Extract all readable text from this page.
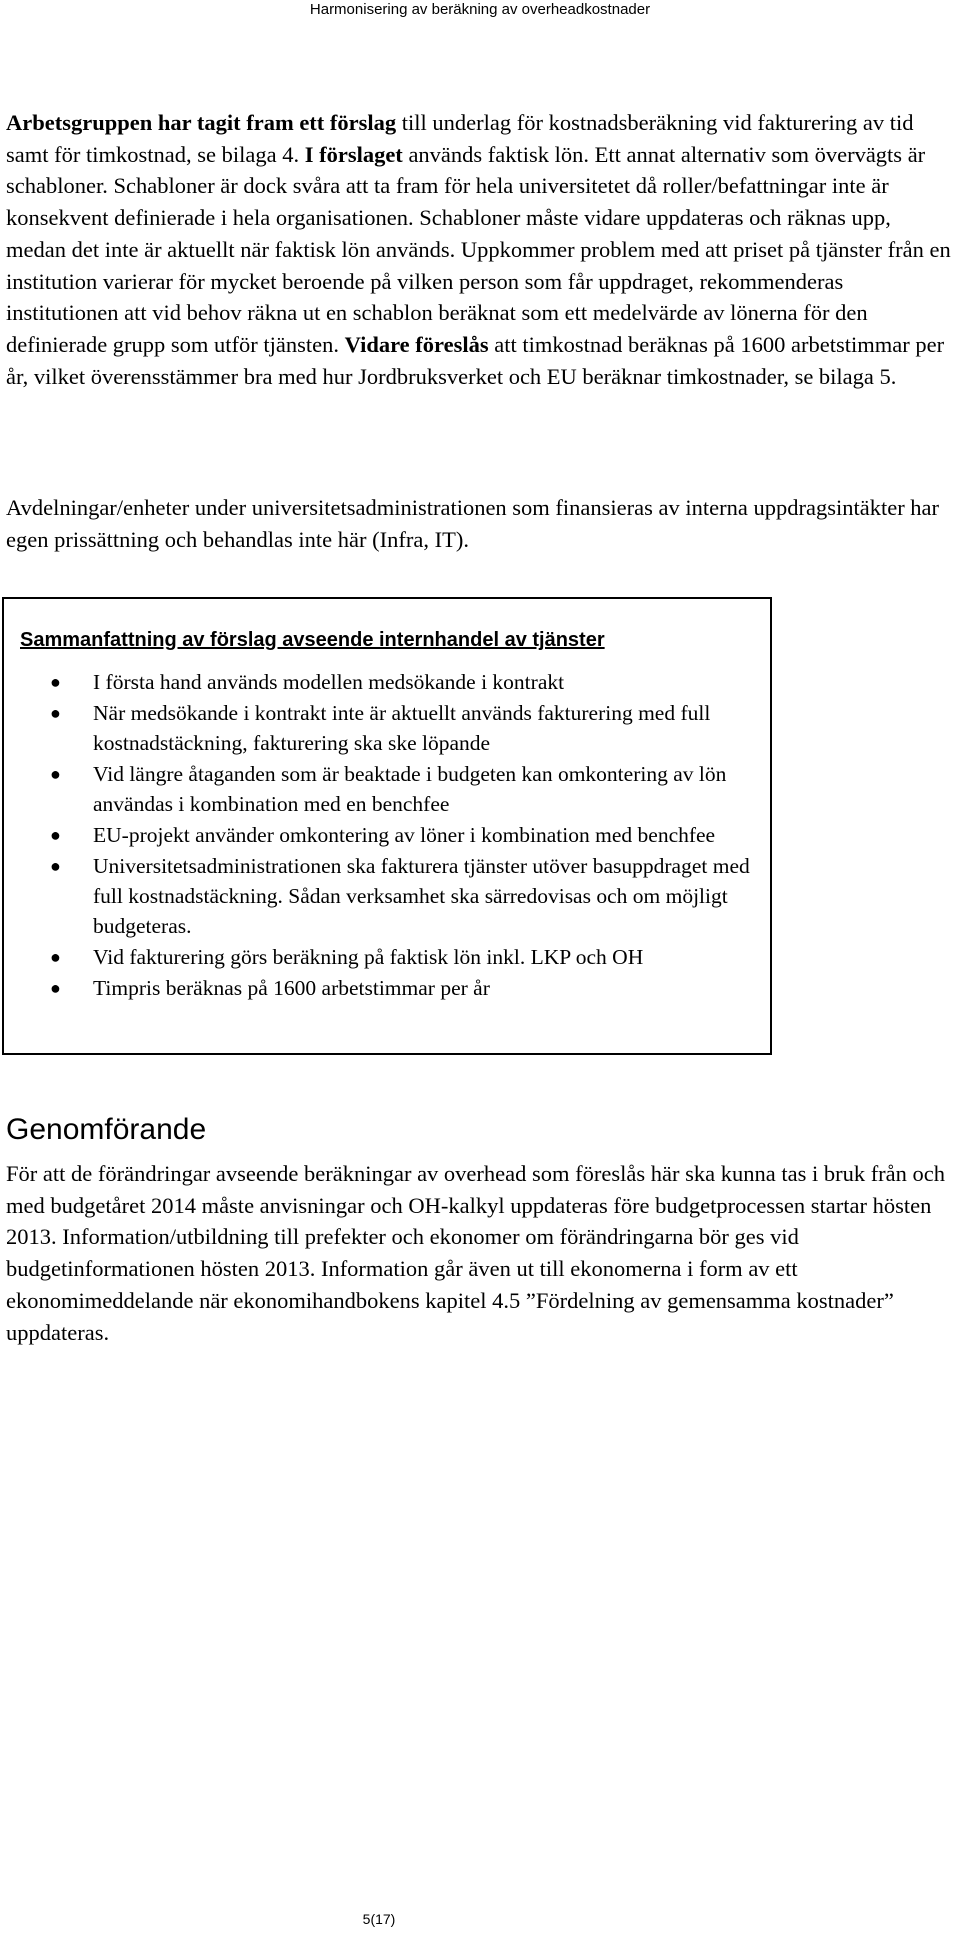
Harmonisering av beräkning av overheadkostnader

Arbetsgruppen har tagit fram ett förslag till underlag för kostnadsberäkning vid fakturering av tid samt för timkostnad, se bilaga 4. I förslaget används faktisk lön. Ett annat alternativ som övervägts är schabloner. Schabloner är dock svåra att ta fram för hela universitetet då roller/befattningar inte är konsekvent definierade i hela organisationen. Schabloner måste vidare uppdateras och räknas upp, medan det inte är aktuellt när faktisk lön används. Uppkommer problem med att priset på tjänster från en institution varierar för mycket beroende på vilken person som får uppdraget, rekommenderas institutionen att vid behov räkna ut en schablon beräknat som ett medelvärde av lönerna för den definierade grupp som utför tjänsten. Vidare föreslås att timkostnad beräknas på 1600 arbetstimmar per år, vilket överensstämmer bra med hur Jordbruksverket och EU beräknar timkostnader, se bilaga 5.

Avdelningar/enheter under universitetsadministrationen som finansieras av interna uppdragsintäkter har egen prissättning och behandlas inte här (Infra, IT).

Sammanfattning av förslag avseende internhandel av tjänster
● I första hand används modellen medsökande i kontrakt
● När medsökande i kontrakt inte är aktuellt används fakturering med full kostnadstäckning, fakturering ska ske löpande
● Vid längre åtaganden som är beaktade i budgeten kan omkontering av lön användas i kombination med en benchfee
● EU-projekt använder omkontering av löner i kombination med benchfee
● Universitetsadministrationen ska fakturera tjänster utöver basuppdraget med full kostnadstäckning. Sådan verksamhet ska särredovisas och om möjligt budgeteras.
● Vid fakturering görs beräkning på faktisk lön inkl. LKP och OH
● Timpris beräknas på 1600 arbetstimmar per år
Genomförande

För att de förändringar avseende beräkningar av overhead som föreslås här ska kunna tas i bruk från och med budgetåret 2014 måste anvisningar och OH-kalkyl uppdateras före budgetprocessen startar hösten 2013. Information/utbildning till prefekter och ekonomer om förändringarna bör ges vid budgetinformationen hösten 2013. Information går även ut till ekonomerna i form av ett ekonomimeddelande när ekonomihandbokens kapitel 4.5 ”Fördelning av gemensamma kostnader” uppdateras.

5(17)
